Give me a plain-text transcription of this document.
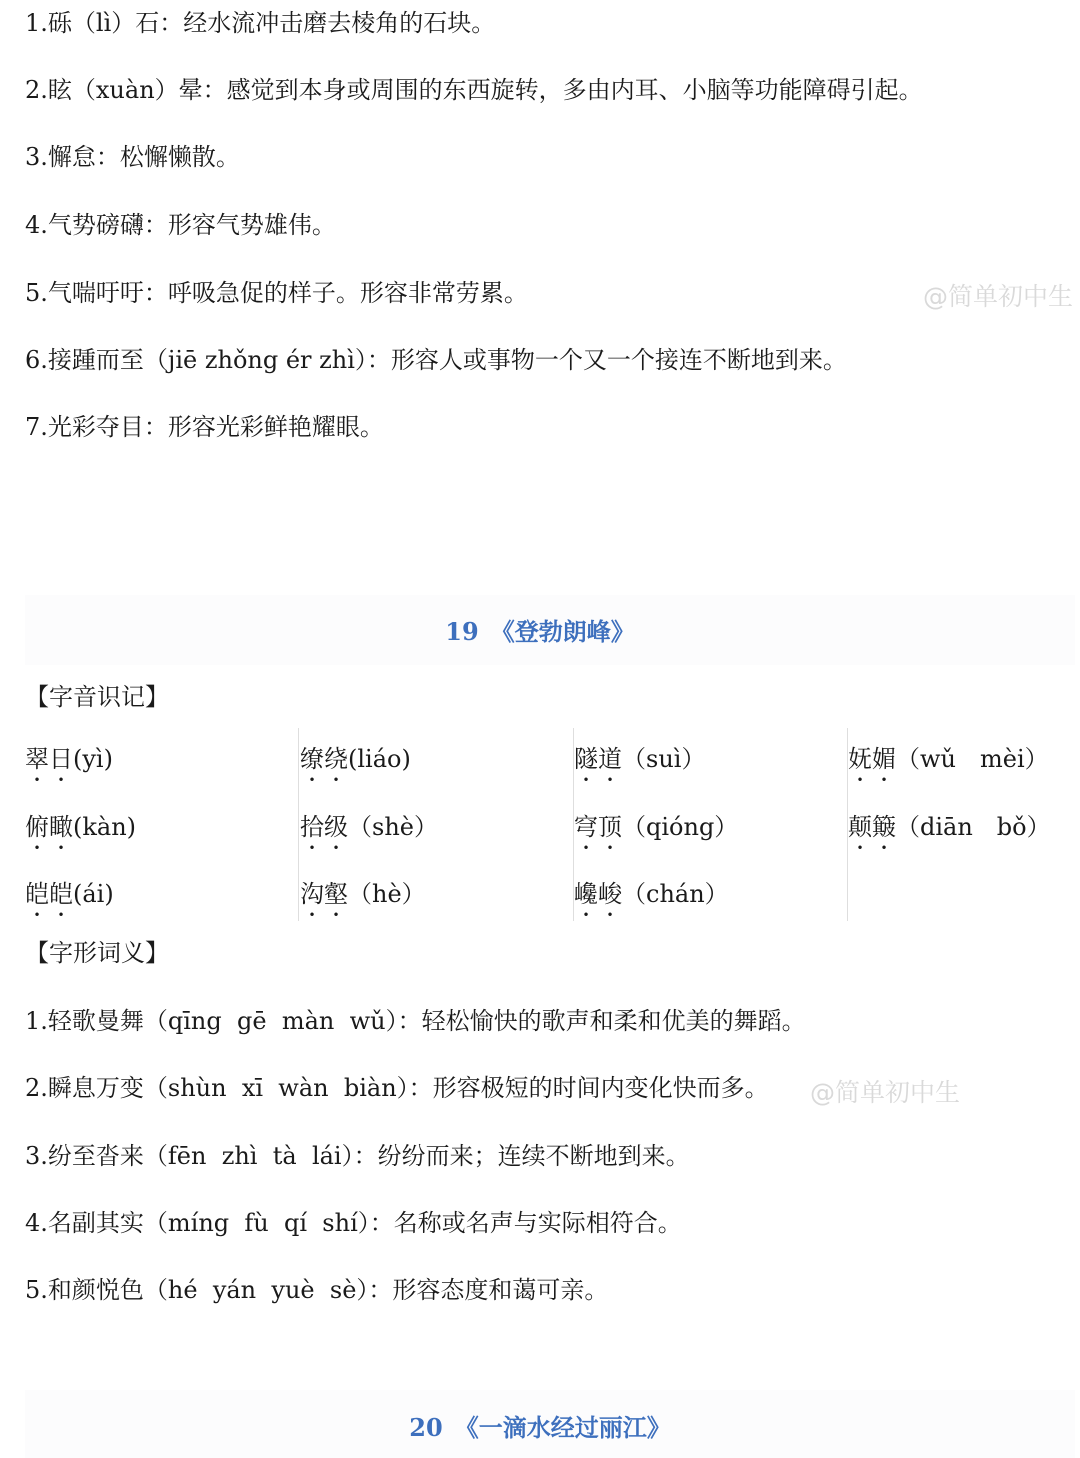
1.砾（lì）石：经水流冲击磨去棱角的石块。
2.眩（xuàn）晕：感觉到本身或周围的东西旋转，多由内耳、小脑等功能障碍引起。
3.懈怠：松懈懒散。
4.气势磅礴：形容气势雄伟。
5.气喘吁吁：呼吸急促的样子。形容非常劳累。
6.接踵而至（jiē zhǒng ér zhì）：形容人或事物一个又一个接连不断地到来。
7.光彩夺目：形容光彩鲜艳耀眼。
@简单初中生
19　《登勃朗峰》
【字音识记】
翠日(yì)
俯瞰(kàn)
皑皑(ái)
缭绕(liáo)
拾级（shè）
沟壑（hè）
隧道（suì）
穹顶（qióng）
巉峻（chán）
妩媚（wǔ　mèi）
颠簸（diān　bǒ）
【字形词义】
1.轻歌曼舞（qīng  gē  màn  wǔ）：轻松愉快的歌声和柔和优美的舞蹈。
2.瞬息万变（shùn  xī  wàn  biàn）：形容极短的时间内变化快而多。
3.纷至沓来（fēn  zhì  tà  lái）：纷纷而来；连续不断地到来。
4.名副其实（míng  fù  qí  shí）：名称或名声与实际相符合。
5.和颜悦色（hé  yán  yuè  sè）：形容态度和蔼可亲。
@简单初中生
20　《一滴水经过丽江》
